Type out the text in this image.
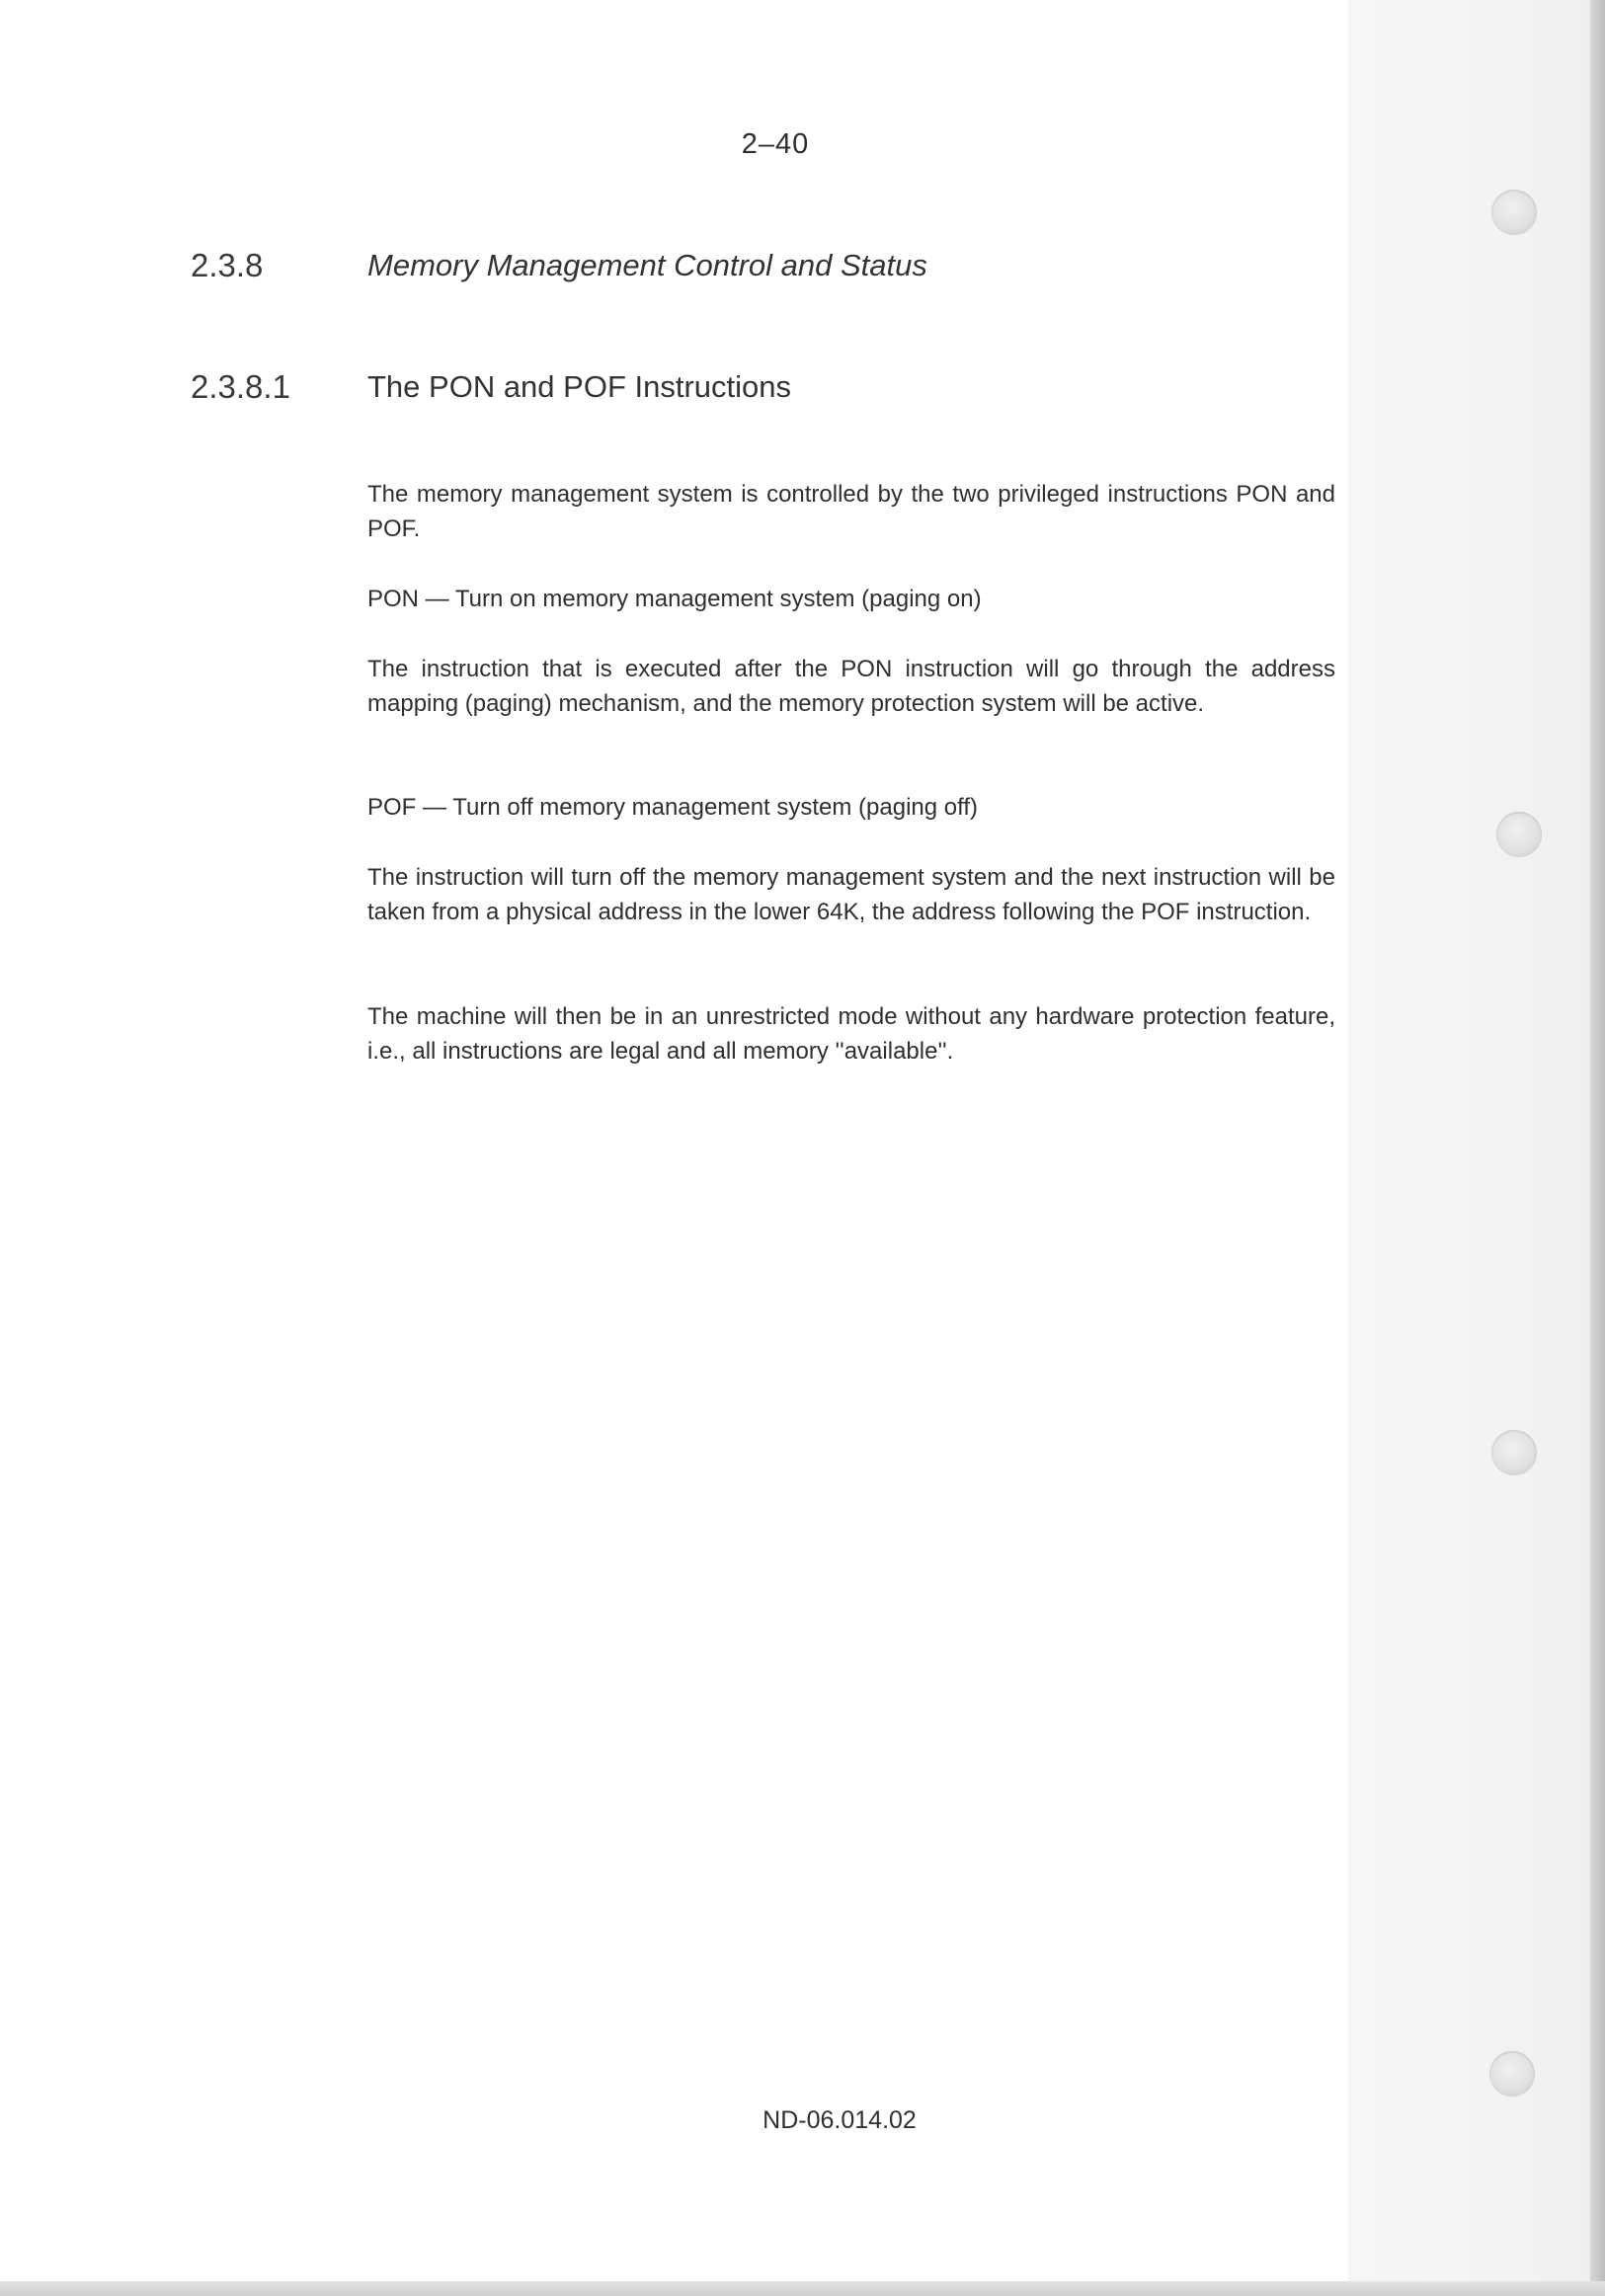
2–40
2.3.8	Memory Management Control and Status
2.3.8.1	The PON and POF Instructions

The memory management system is controlled by the two privileged instructions PON and POF.

PON — Turn on memory management system (paging on)

The instruction that is executed after the PON instruction will go through the address mapping (paging) mechanism, and the memory protection system will be active.

POF — Turn off memory management system (paging off)

The instruction will turn off the memory management system and the next instruction will be taken from a physical address in the lower 64K, the address following the POF instruction.

The machine will then be in an unrestricted mode without any hardware protection feature, i.e., all instructions are legal and all memory ''available''.

ND-06.014.02
